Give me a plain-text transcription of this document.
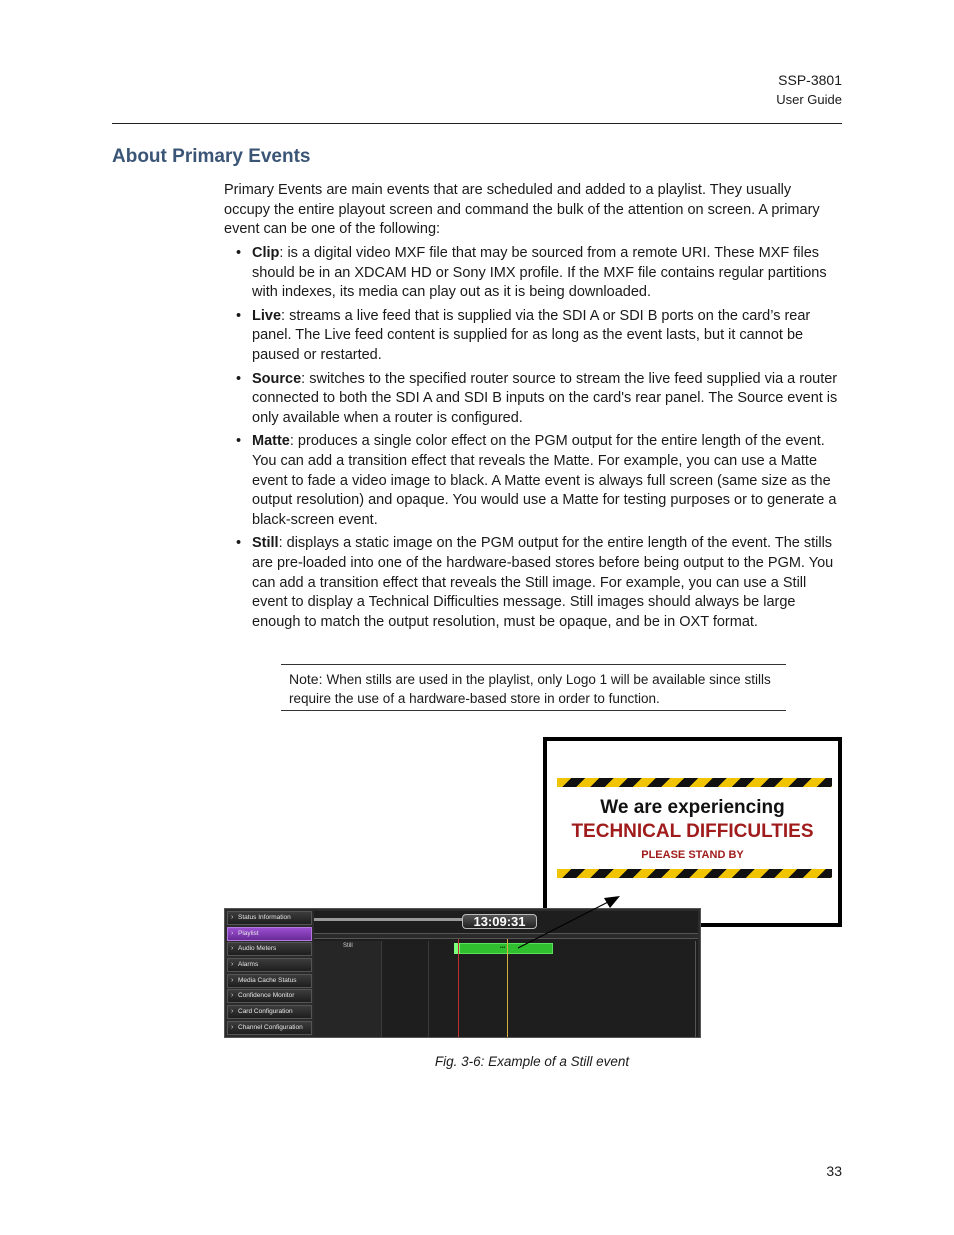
SSP-3801
User Guide
About Primary Events

Primary Events are main events that are scheduled and added to a playlist. They usually occupy the entire playout screen and command the bulk of the attention on screen. A primary event can be one of the following:

• Clip: is a digital video MXF file that may be sourced from a remote URI. These MXF files should be in an XDCAM HD or Sony IMX profile. If the MXF file contains regular partitions with indexes, its media can play out as it is being downloaded.
• Live: streams a live feed that is supplied via the SDI A or SDI B ports on the card’s rear panel. The Live feed content is supplied for as long as the event lasts, but it cannot be paused or restarted.
• Source: switches to the specified router source to stream the live feed supplied via a router connected to both the SDI A and SDI B inputs on the card's rear panel. The Source event is only available when a router is configured.
• Matte: produces a single color effect on the PGM output for the entire length of the event. You can add a transition effect that reveals the Matte. For example, you can use a Matte event to fade a video image to black. A Matte event is always full screen (same size as the output resolution) and opaque. You would use a Matte for testing purposes or to generate a black-screen event.
• Still: displays a static image on the PGM output for the entire length of the event. The stills are pre-loaded into one of the hardware-based stores before being output to the PGM. You can add a transition effect that reveals the Still image. For example, you can use a Still event to display a Technical Difficulties message. Still images should always be large enough to match the output resolution, must be opaque, and be in OXT format.
Note: When stills are used in the playlist, only Logo 1 will be available since stills require the use of a hardware-based store in order to function.
We are experiencing
TECHNICAL DIFFICULTIES
PLEASE STAND BY
› Status Information
› Playlist
› Audio Meters
› Alarms
› Media Cache Status
› Confidence Monitor
› Card Configuration
› Channel Configuration
13:09:31
Still	•••
Fig. 3-6: Example of a Still event
33
